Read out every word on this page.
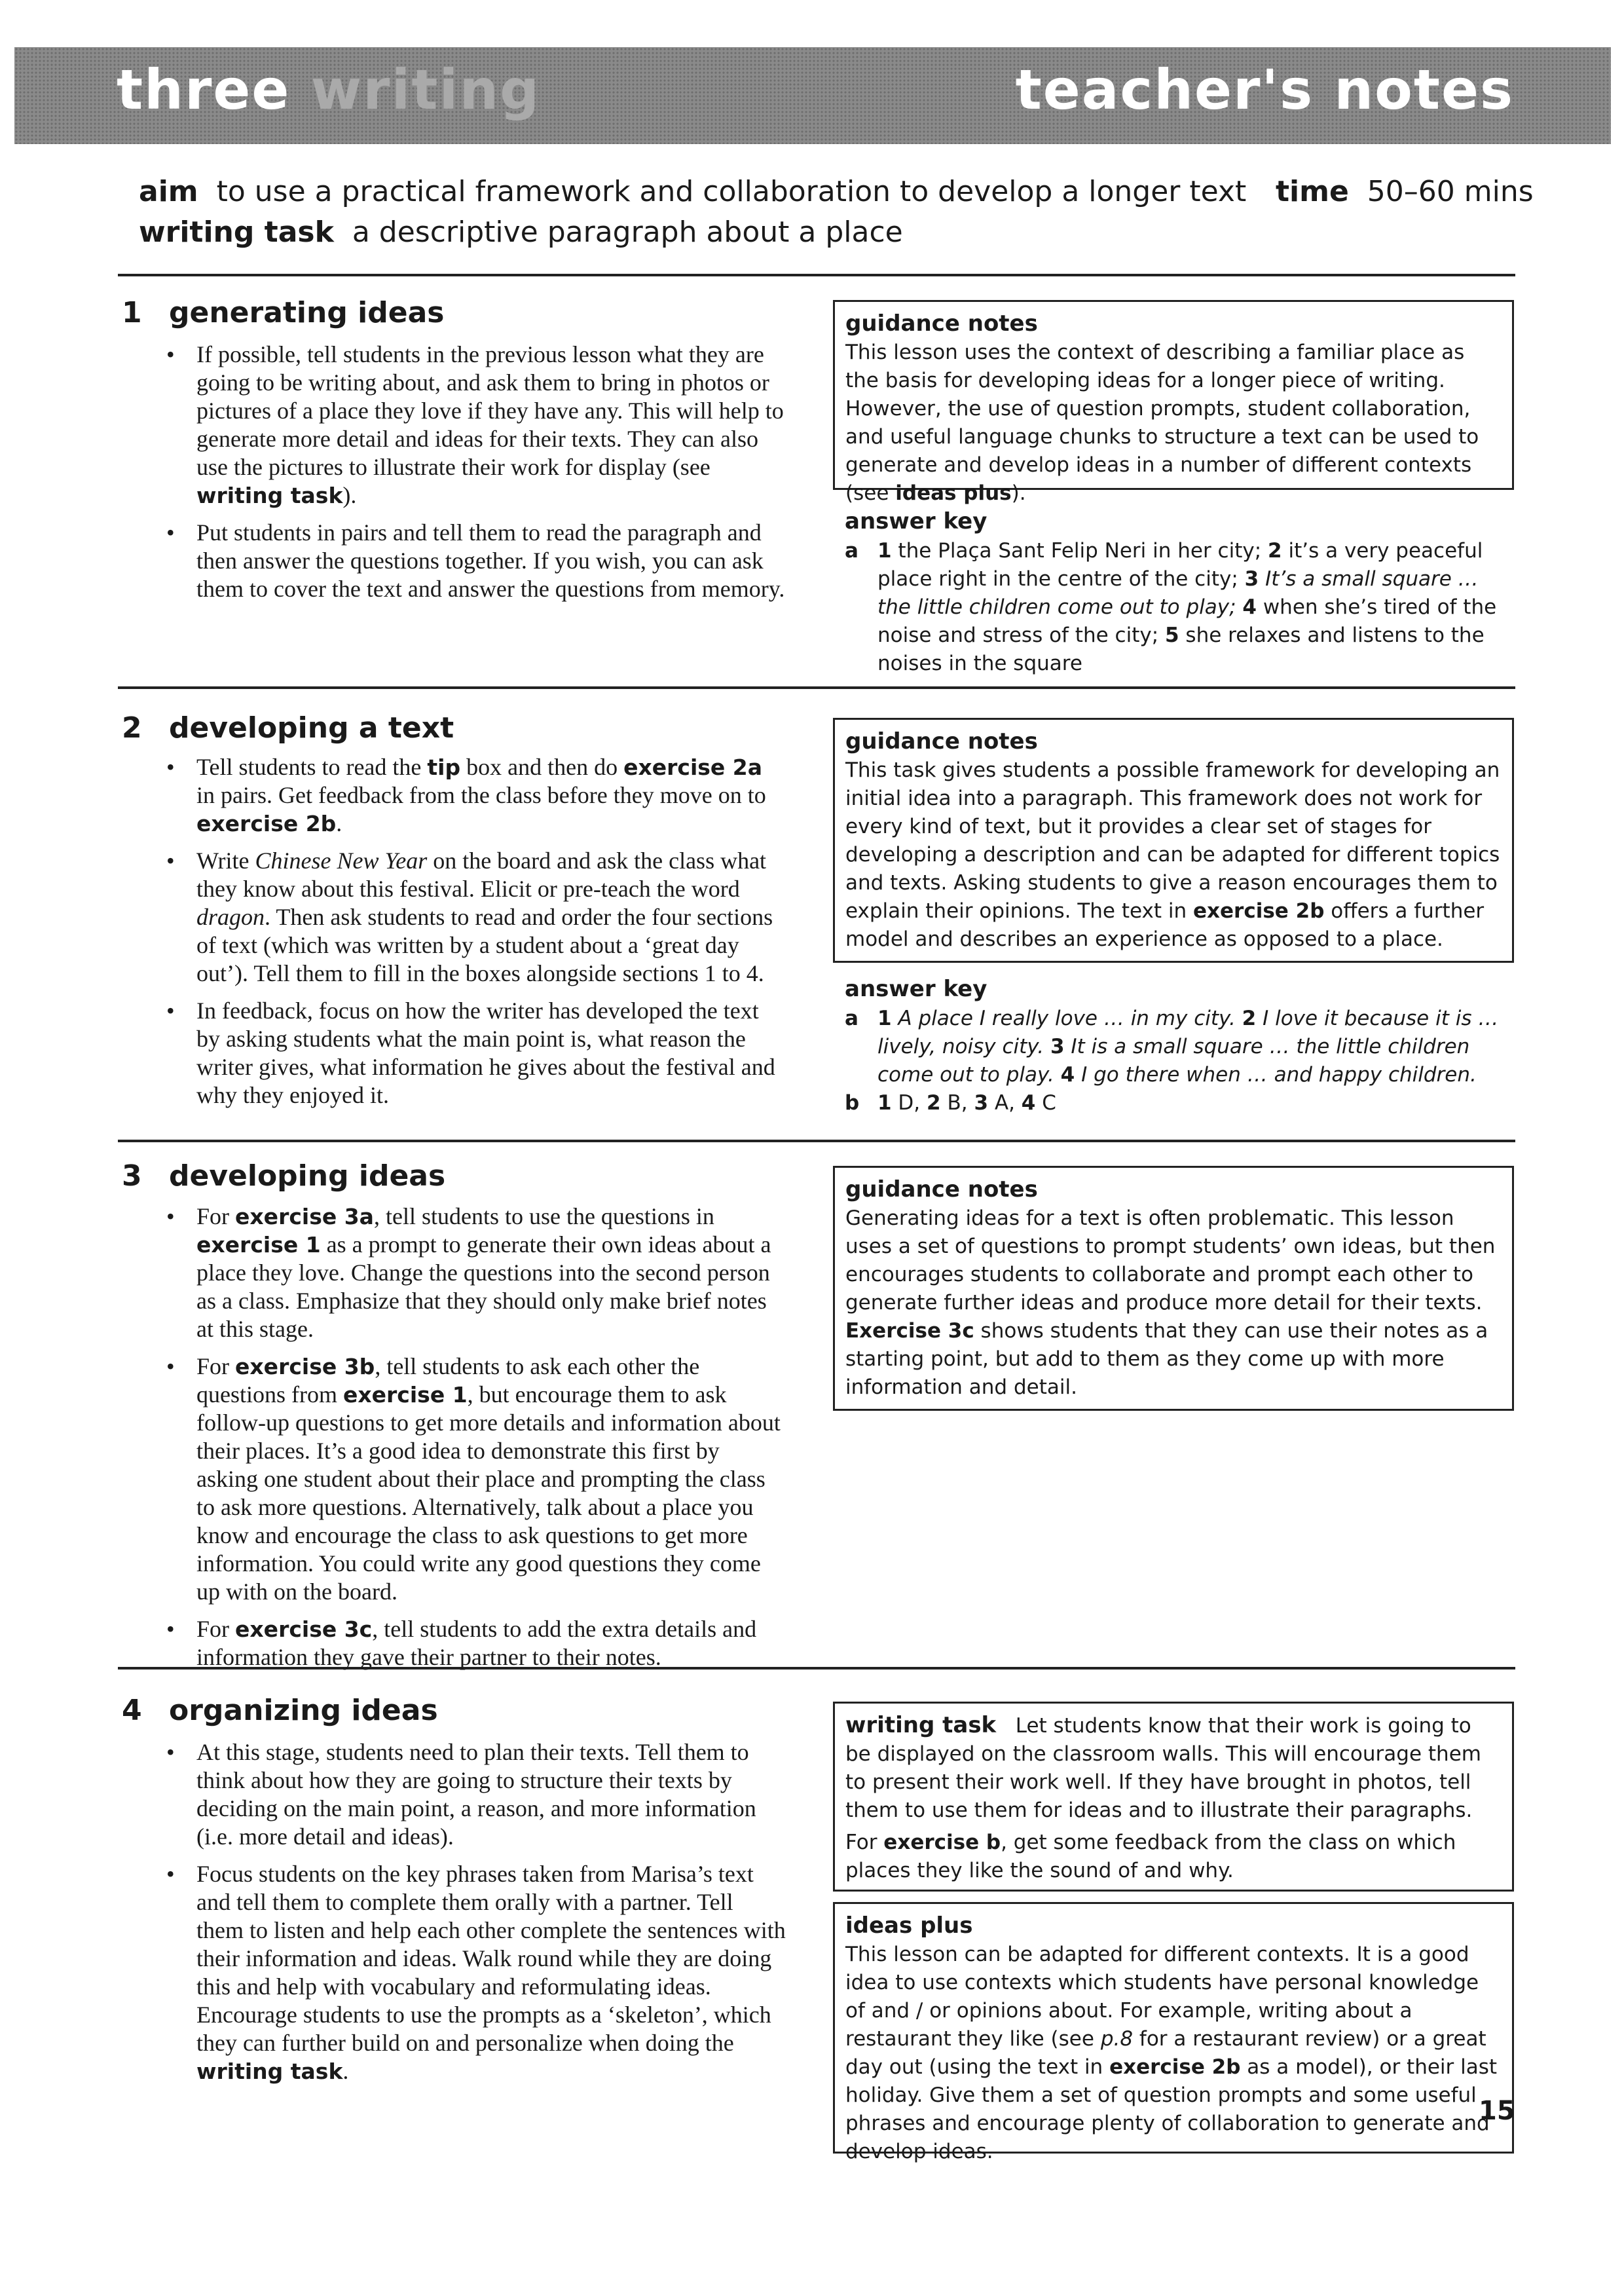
three writing	teacher's notes
aim to use a practical framework and collaboration to develop a longer text
writing task a descriptive paragraph about a place
time 50–60 mins
1 generating ideas
• If possible, tell students in the previous lesson what they are going to be writing about, and ask them to bring in photos or pictures of a place they love if they have any. This will help to generate more detail and ideas for their texts. They can also use the pictures to illustrate their work for display (see writing task).
• Put students in pairs and tell them to read the paragraph and then answer the questions together. If you wish, you can ask them to cover the text and answer the questions from memory.
guidance notes

This lesson uses the context of describing a familiar place as the basis for developing ideas for a longer piece of writing. However, the use of question prompts, student collaboration, and useful language chunks to structure a text can be used to generate and develop ideas in a number of different contexts (see ideas plus).

answer key
a 1 the Plaça Sant Felip Neri in her city; 2 it’s a very peaceful place right in the centre of the city; 3 It’s a small square … the little children come out to play; 4 when she’s tired of the noise and stress of the city; 5 she relaxes and listens to the noises in the square
2 developing a text
• Tell students to read the tip box and then do exercise 2a in pairs. Get feedback from the class before they move on to exercise 2b.
• Write Chinese New Year on the board and ask the class what they know about this festival. Elicit or pre-teach the word dragon. Then ask students to read and order the four sections of text (which was written by a student about a ‘great day out’). Tell them to fill in the boxes alongside sections 1 to 4.
• In feedback, focus on how the writer has developed the text by asking students what the main point is, what reason the writer gives, what information he gives about the festival and why they enjoyed it.
guidance notes

This task gives students a possible framework for developing an initial idea into a paragraph. This framework does not work for every kind of text, but it provides a clear set of stages for developing a description and can be adapted for different topics and texts. Asking students to give a reason encourages them to explain their opinions. The text in exercise 2b offers a further model and describes an experience as opposed to a place.

answer key
a 1 A place I really love … in my city. 2 I love it because it is … lively, noisy city. 3 It is a small square … the little children come out to play. 4 I go there when … and happy children.
b 1 D, 2 B, 3 A, 4 C
3 developing ideas
• For exercise 3a, tell students to use the questions in exercise 1 as a prompt to generate their own ideas about a place they love. Change the questions into the second person as a class. Emphasize that they should only make brief notes at this stage.
• For exercise 3b, tell students to ask each other the questions from exercise 1, but encourage them to ask follow-up questions to get more details and information about their places. It’s a good idea to demonstrate this first by asking one student about their place and prompting the class to ask more questions. Alternatively, talk about a place you know and encourage the class to ask questions to get more information. You could write any good questions they come up with on the board.
• For exercise 3c, tell students to add the extra details and information they gave their partner to their notes.
guidance notes

Generating ideas for a text is often problematic. This lesson uses a set of questions to prompt students’ own ideas, but then encourages students to collaborate and prompt each other to generate further ideas and produce more detail for their texts. Exercise 3c shows students that they can use their notes as a starting point, but add to them as they come up with more information and detail.

4 organizing ideas
• At this stage, students need to plan their texts. Tell them to think about how they are going to structure their texts by deciding on the main point, a reason, and more information (i.e. more detail and ideas).
• Focus students on the key phrases taken from Marisa’s text and tell them to complete them orally with a partner. Tell them to listen and help each other complete the sentences with their information and ideas. Walk round while they are doing this and help with vocabulary and reformulating ideas. Encourage students to use the prompts as a ‘skeleton’, which they can further build on and personalize when doing the writing task.

writing task Let students know that their work is going to be displayed on the classroom walls. This will encourage them to present their work well. If they have brought in photos, tell them to use them for ideas and to illustrate their paragraphs.

For exercise b, get some feedback from the class on which places they like the sound of and why.

ideas plus

This lesson can be adapted for different contexts. It is a good idea to use contexts which students have personal knowledge of and / or opinions about. For example, writing about a restaurant they like (see p.8 for a restaurant review) or a great day out (using the text in exercise 2b as a model), or their last holiday. Give them a set of question prompts and some useful phrases and encourage plenty of collaboration to generate and develop ideas.

15
